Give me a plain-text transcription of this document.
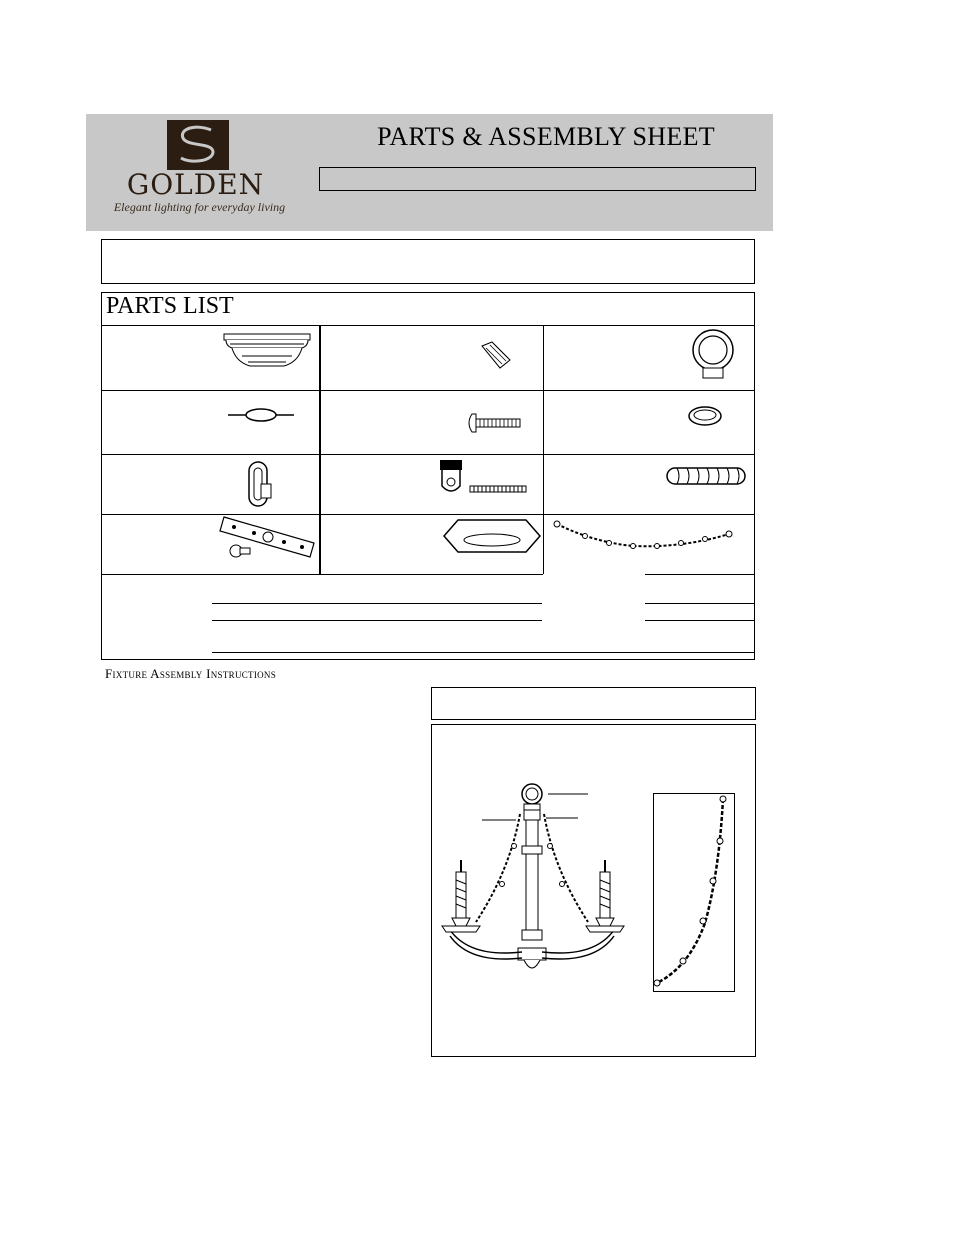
GOLDEN
Elegant lighting for everyday living
PARTS & ASSEMBLY SHEET
PARTS LIST
Fixture Assembly Instructions
